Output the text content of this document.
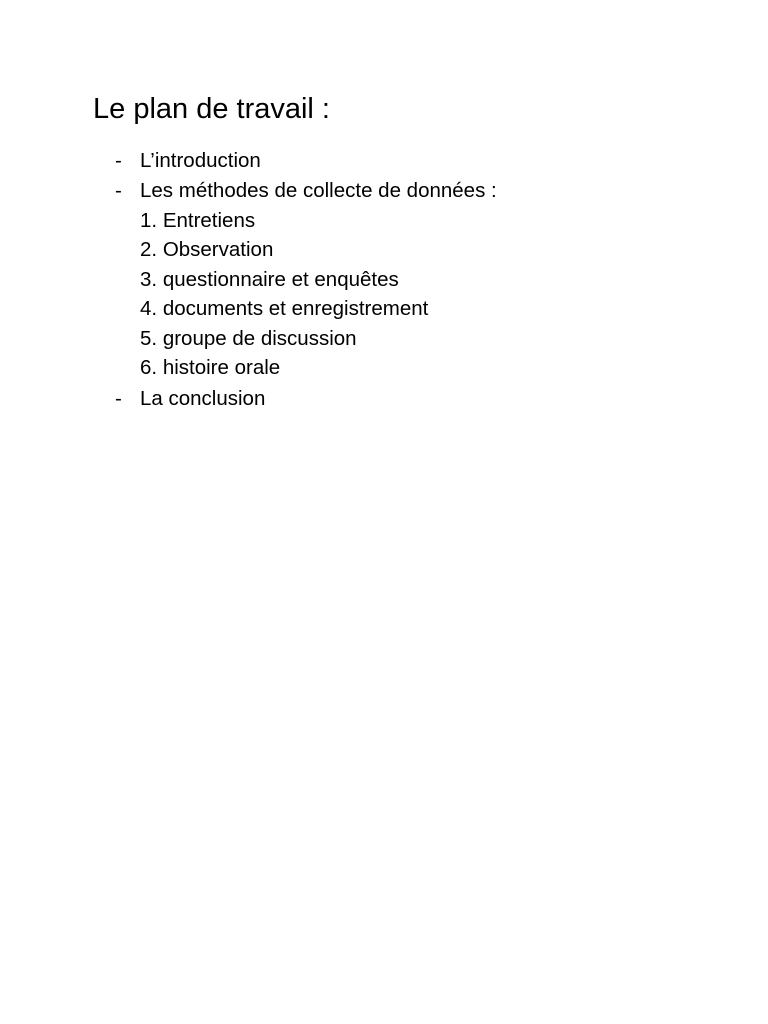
Le plan de travail :
- L’introduction
- Les méthodes de collecte de données :
1. Entretiens
2. Observation
3. questionnaire et enquêtes
4. documents et enregistrement
5. groupe de discussion
6. histoire orale
- La conclusion
